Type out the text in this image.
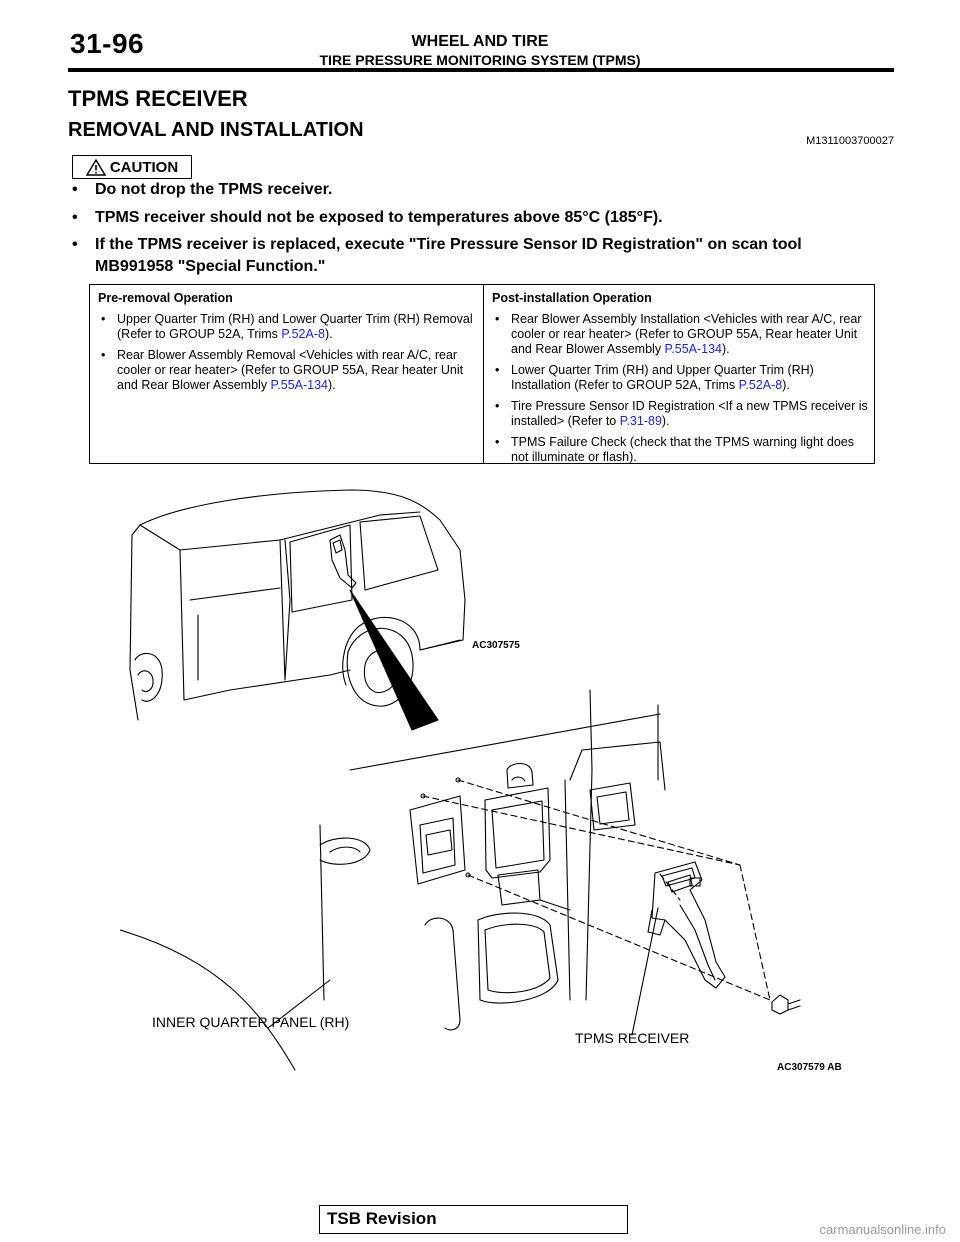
31-96	WHEEL AND TIRE
TIRE PRESSURE MONITORING SYSTEM (TPMS)
TPMS RECEIVER
REMOVAL AND INSTALLATION	M1311003700027
CAUTION
• Do not drop the TPMS receiver.
• TPMS receiver should not be exposed to temperatures above 85°C (185°F).
• If the TPMS receiver is replaced, execute "Tire Pressure Sensor ID Registration" on scan tool MB991958 "Special Function."
Pre-removal Operation
• Upper Quarter Trim (RH) and Lower Quarter Trim (RH) Removal (Refer to GROUP 52A, Trims P.52A-8).
• Rear Blower Assembly Removal <Vehicles with rear A/C, rear cooler or rear heater> (Refer to GROUP 55A, Rear heater Unit and Rear Blower Assembly P.55A-134).
Post-installation Operation
• Rear Blower Assembly Installation <Vehicles with rear A/C, rear cooler or rear heater> (Refer to GROUP 55A, Rear heater Unit and Rear Blower Assembly P.55A-134).
• Lower Quarter Trim (RH) and Upper Quarter Trim (RH) Installation (Refer to GROUP 52A, Trims P.52A-8).
• Tire Pressure Sensor ID Registration <If a new TPMS receiver is installed> (Refer to P.31-89).
• TPMS Failure Check (check that the TPMS warning light does not illuminate or flash).
AC307575
INNER QUARTER PANEL (RH)
TPMS RECEIVER
AC307579 AB
TSB Revision
carmanualsonline.info
